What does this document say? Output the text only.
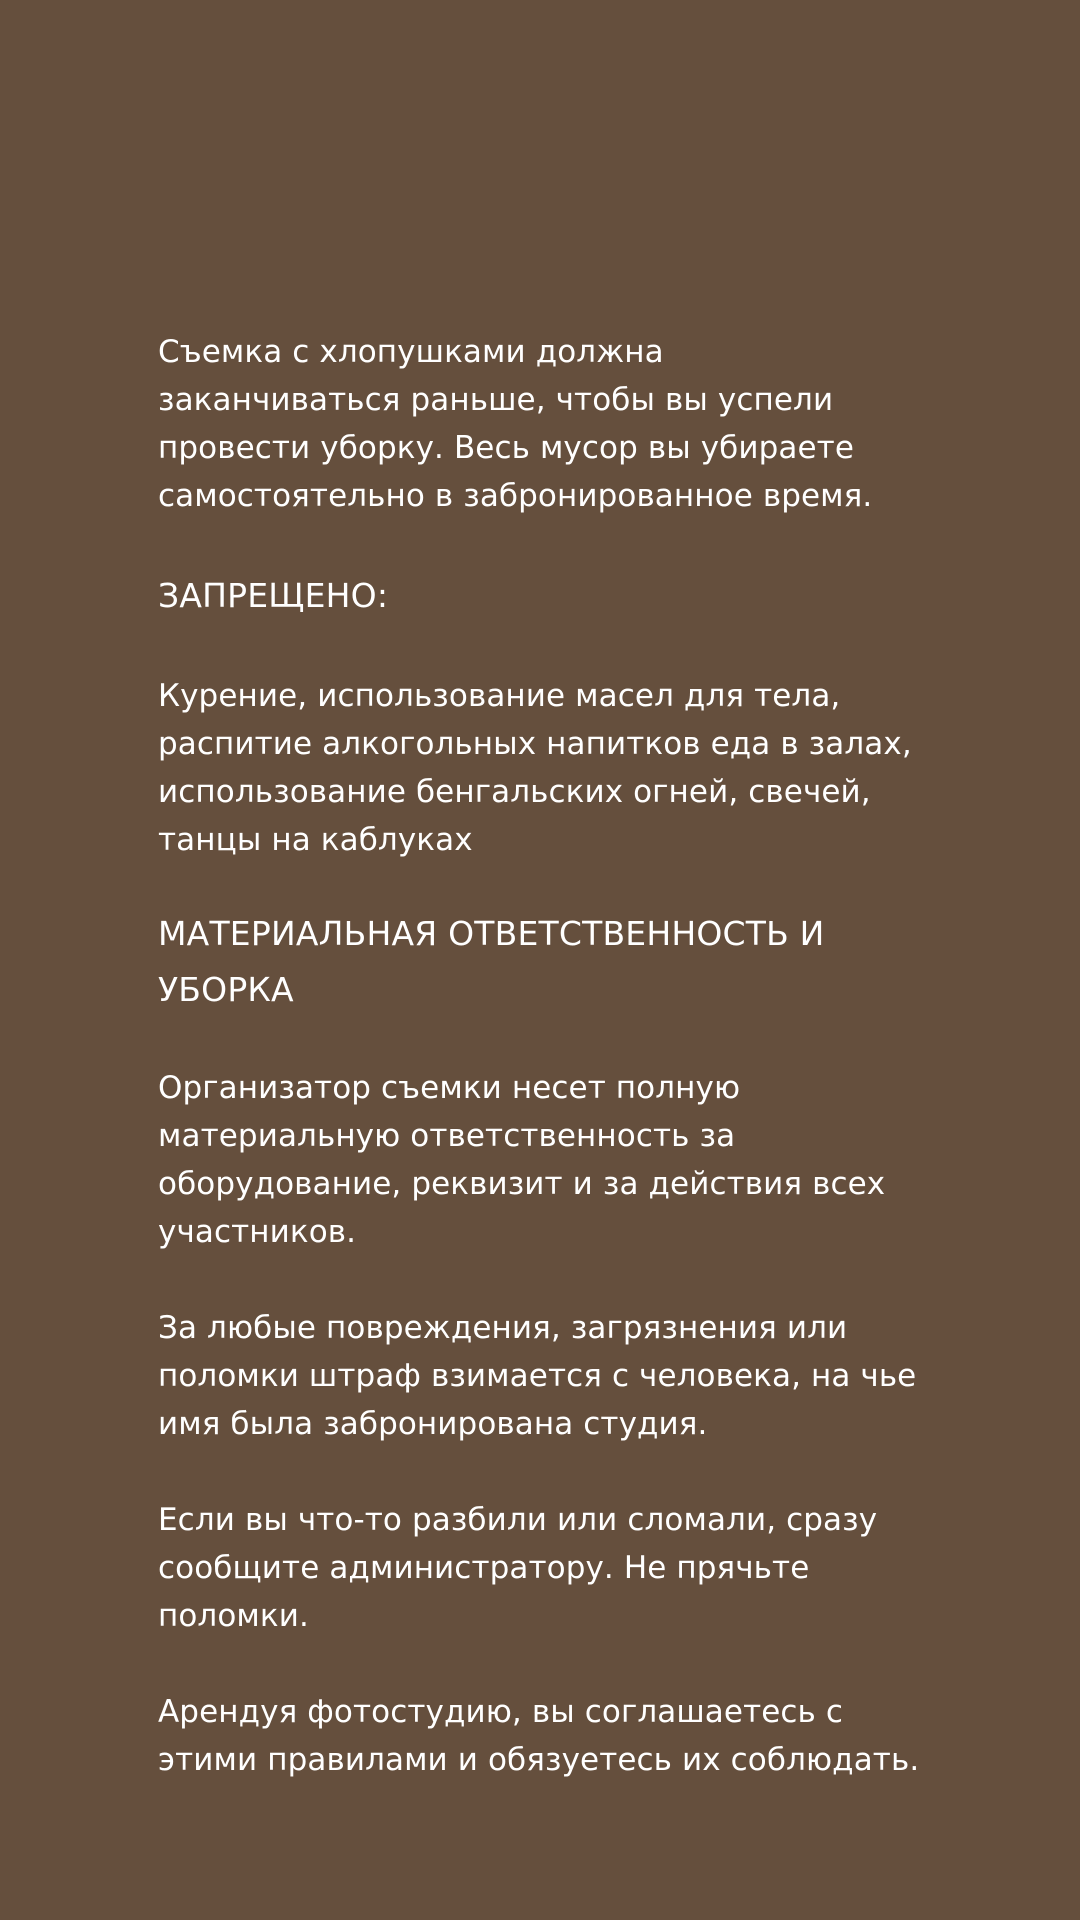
Съемка с хлопушками должна
заканчиваться раньше, чтобы вы успели
провести уборку. Весь мусор вы убираете
самостоятельно в забронированное время.

ЗАПРЕЩЕНО:

Курение, использование масел для тела,
распитие алкогольных напитков еда в залах,
использование бенгальских огней, свечей,
танцы на каблуках

МАТЕРИАЛЬНАЯ ОТВЕТСТВЕННОСТЬ И
УБОРКА

Организатор съемки несет полную
материальную ответственность за
оборудование, реквизит и за действия всех
участников.

За любые повреждения, загрязнения или
поломки штраф взимается с человека, на чье
имя была забронирована студия.

Если вы что-то разбили или сломали, сразу
сообщите администратору. Не прячьте
поломки.

Арендуя фотостудию, вы соглашаетесь с
этими правилами и обязуетесь их соблюдать.
